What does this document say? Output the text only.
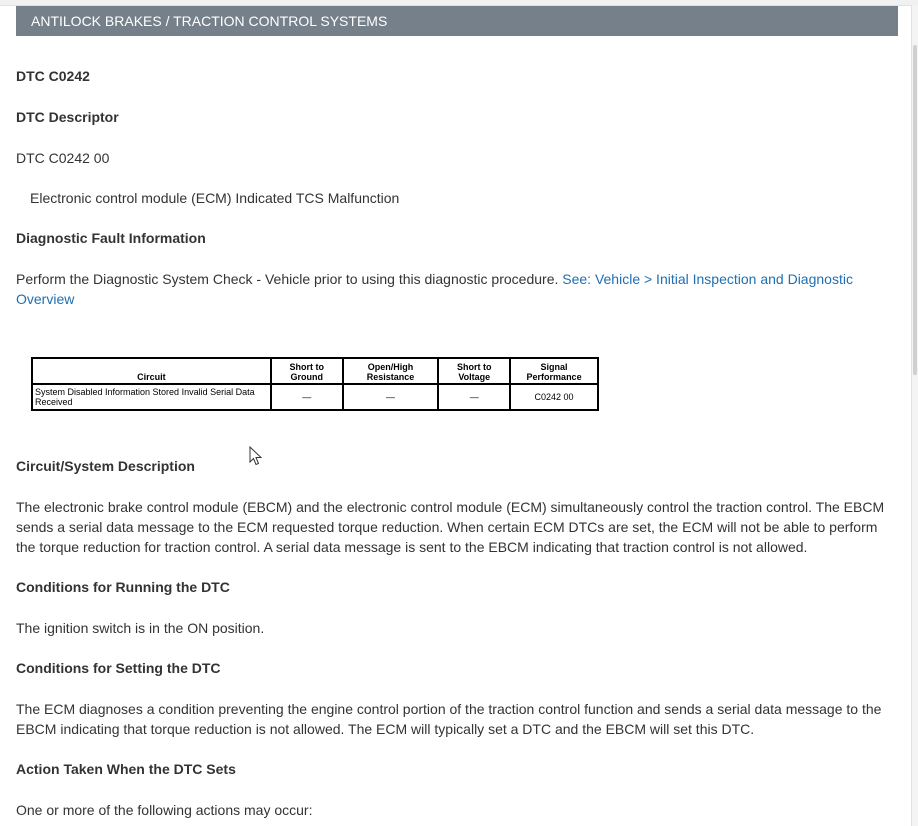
ANTILOCK BRAKES / TRACTION CONTROL SYSTEMS

DTC C0242

DTC Descriptor

DTC C0242 00

Electronic control module (ECM) Indicated TCS Malfunction

Diagnostic Fault Information

Perform the Diagnostic System Check - Vehicle prior to using this diagnostic procedure. See: Vehicle > Initial Inspection and Diagnostic Overview

Circuit	Short to Ground	Open/High Resistance	Short to Voltage	Signal Performance
System Disabled Information Stored Invalid Serial Data Received	—	—	—	C0242 00

Circuit/System Description

The electronic brake control module (EBCM) and the electronic control module (ECM) simultaneously control the traction control. The EBCM sends a serial data message to the ECM requested torque reduction. When certain ECM DTCs are set, the ECM will not be able to perform the torque reduction for traction control. A serial data message is sent to the EBCM indicating that traction control is not allowed.

Conditions for Running the DTC

The ignition switch is in the ON position.

Conditions for Setting the DTC

The ECM diagnoses a condition preventing the engine control portion of the traction control function and sends a serial data message to the EBCM indicating that torque reduction is not allowed. The ECM will typically set a DTC and the EBCM will set this DTC.

Action Taken When the DTC Sets

One or more of the following actions may occur:
